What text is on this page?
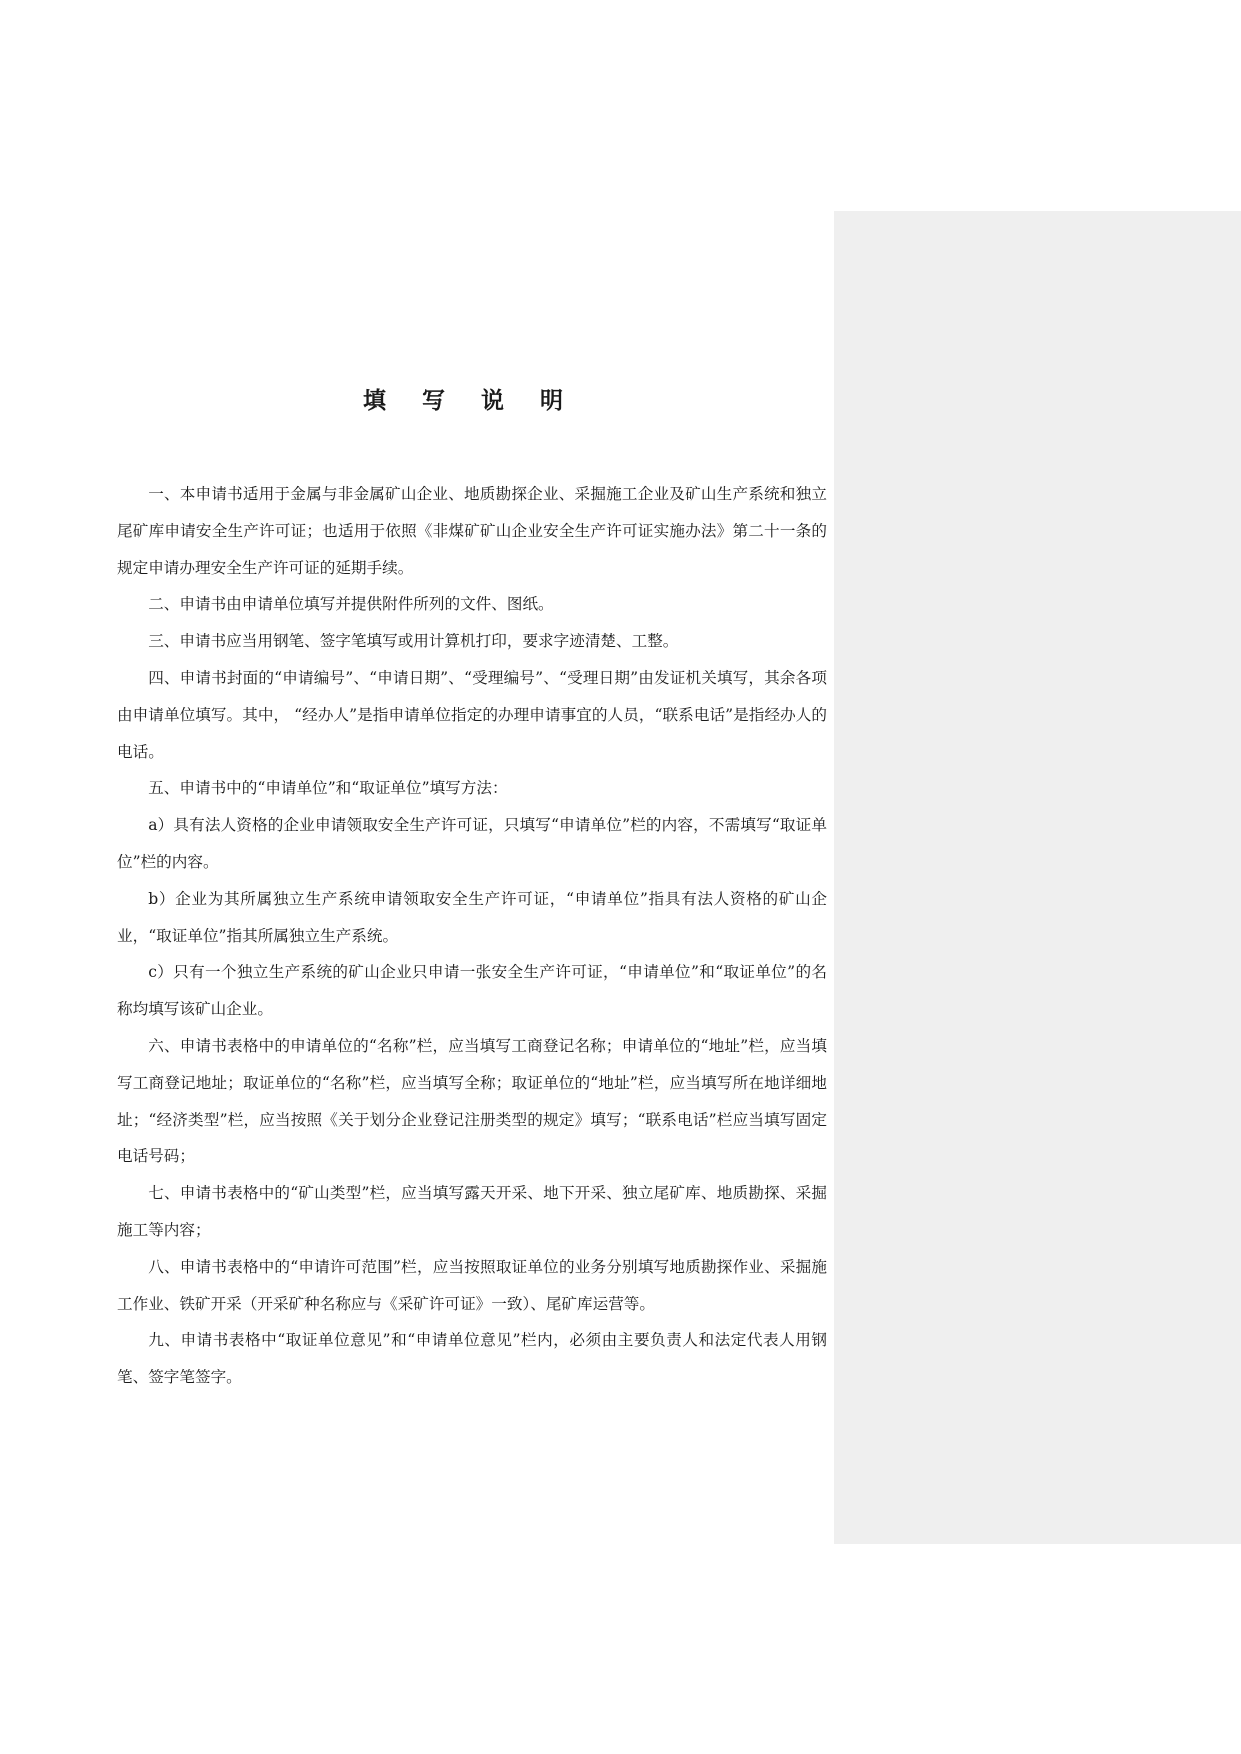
填 写 说 明

一、本申请书适用于金属与非金属矿山企业、地质勘探企业、采掘施工企业及矿山生产系统和独立尾矿库申请安全生产许可证；也适用于依照《非煤矿矿山企业安全生产许可证实施办法》第二十一条的规定申请办理安全生产许可证的延期手续。

二、申请书由申请单位填写并提供附件所列的文件、图纸。

三、申请书应当用钢笔、签字笔填写或用计算机打印，要求字迹清楚、工整。

四、申请书封面的“申请编号”、“申请日期”、“受理编号”、“受理日期”由发证机关填写，其余各项由申请单位填写。其中， “经办人”是指申请单位指定的办理申请事宜的人员，“联系电话”是指经办人的电话。

五、申请书中的“申请单位”和“取证单位”填写方法：

a）具有法人资格的企业申请领取安全生产许可证，只填写“申请单位”栏的内容，不需填写“取证单位”栏的内容。

b）企业为其所属独立生产系统申请领取安全生产许可证，“申请单位”指具有法人资格的矿山企业，“取证单位”指其所属独立生产系统。

c）只有一个独立生产系统的矿山企业只申请一张安全生产许可证，“申请单位”和“取证单位”的名称均填写该矿山企业。

六、申请书表格中的申请单位的“名称”栏，应当填写工商登记名称；申请单位的“地址”栏，应当填写工商登记地址；取证单位的“名称”栏，应当填写全称；取证单位的“地址”栏，应当填写所在地详细地址；“经济类型”栏，应当按照《关于划分企业登记注册类型的规定》填写；“联系电话”栏应当填写固定电话号码；

七、申请书表格中的“矿山类型”栏，应当填写露天开采、地下开采、独立尾矿库、地质勘探、采掘施工等内容；

八、申请书表格中的“申请许可范围”栏，应当按照取证单位的业务分别填写地质勘探作业、采掘施工作业、铁矿开采（开采矿种名称应与《采矿许可证》一致）、尾矿库运营等。

九、申请书表格中“取证单位意见”和“申请单位意见”栏内，必须由主要负责人和法定代表人用钢笔、签字笔签字。
